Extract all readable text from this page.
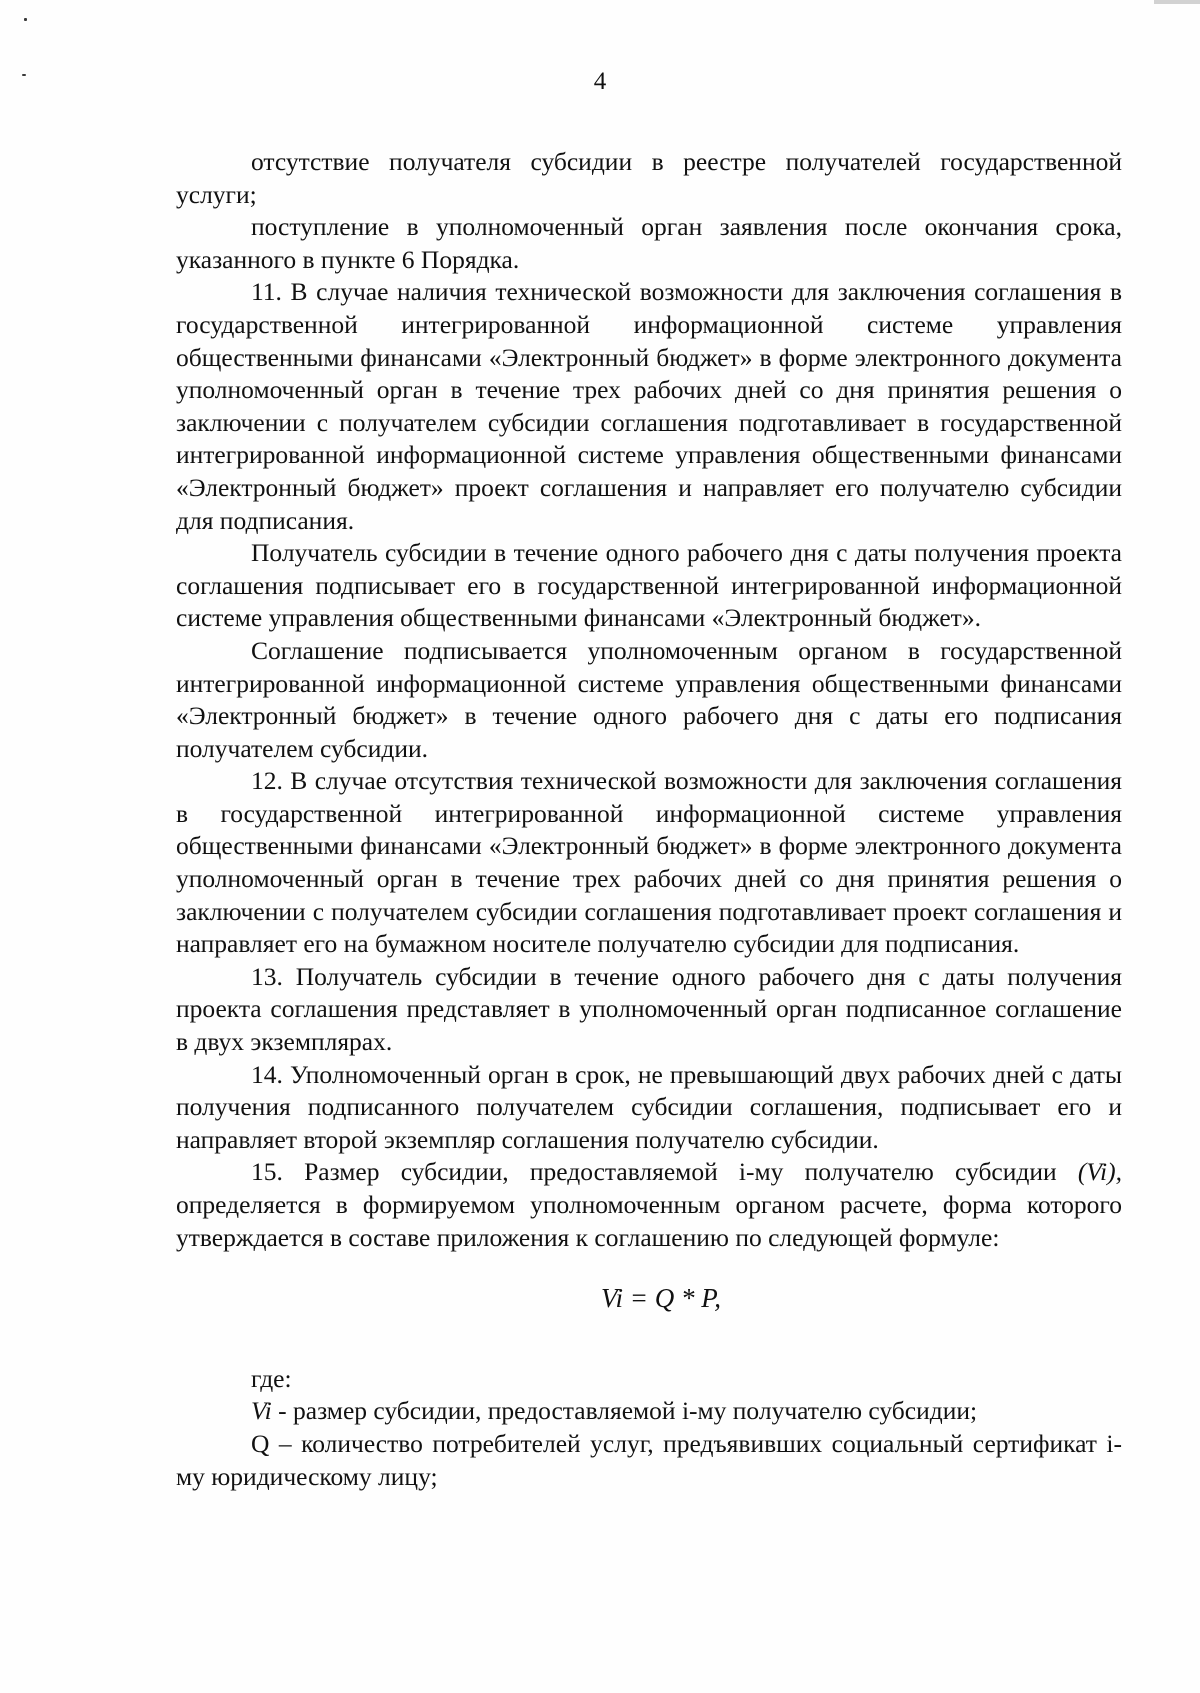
4

отсутствие получателя субсидии в реестре получателей государственной услуги;

поступление в уполномоченный орган заявления после окончания срока, указанного в пункте 6 Порядка.

11. В случае наличия технической возможности для заключения соглашения в государственной интегрированной информационной системе управления общественными финансами «Электронный бюджет» в форме электронного документа уполномоченный орган в течение трех рабочих дней со дня принятия решения о заключении с получателем субсидии соглашения подготавливает в государственной интегрированной информационной системе управления общественными финансами «Электронный бюджет» проект соглашения и направляет его получателю субсидии для подписания.

Получатель субсидии в течение одного рабочего дня с даты получения проекта соглашения подписывает его в государственной интегрированной информационной системе управления общественными финансами «Электронный бюджет».

Соглашение подписывается уполномоченным органом в государственной интегрированной информационной системе управления общественными финансами «Электронный бюджет» в течение одного рабочего дня с даты его подписания получателем субсидии.

12. В случае отсутствия технической возможности для заключения соглашения в государственной интегрированной информационной системе управления общественными финансами «Электронный бюджет» в форме электронного документа уполномоченный орган в течение трех рабочих дней со дня принятия решения о заключении с получателем субсидии соглашения подготавливает проект соглашения и направляет его на бумажном носителе получателю субсидии для подписания.

13. Получатель субсидии в течение одного рабочего дня с даты получения проекта соглашения представляет в уполномоченный орган подписанное соглашение в двух экземплярах.

14. Уполномоченный орган в срок, не превышающий двух рабочих дней с даты получения подписанного получателем субсидии соглашения, подписывает его и направляет второй экземпляр соглашения получателю субсидии.

15. Размер субсидии, предоставляемой i-му получателю субсидии (Vi), определяется в формируемом уполномоченным органом расчете, форма которого утверждается в составе приложения к соглашению по следующей формуле:

Vi = Q * P,

где:

Vi - размер субсидии, предоставляемой i-му получателю субсидии;

Q – количество потребителей услуг, предъявивших социальный сертификат i-му юридическому лицу;
